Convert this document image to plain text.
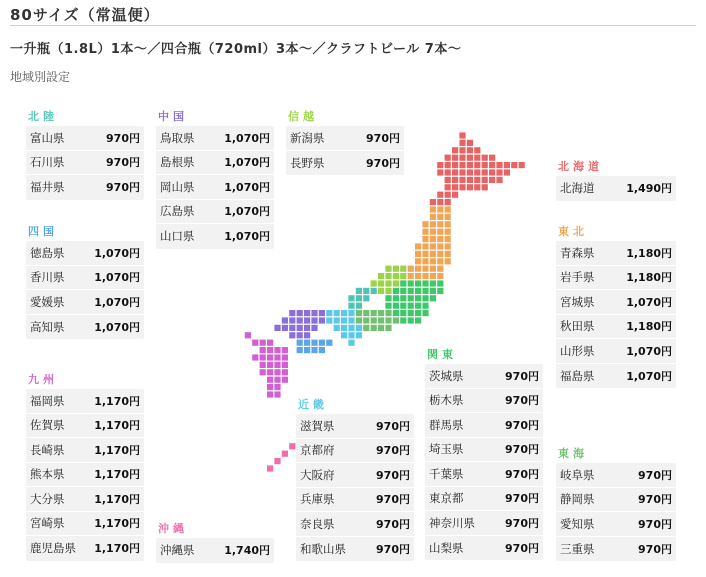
80サイズ（常温便）
一升瓶（1.8L）1本～／四合瓶（720ml）3本～／クラフトビール 7本～
地域別設定
北陸
富山県	970円
石川県	970円
福井県	970円
四国
徳島県	1,070円
香川県	1,070円
愛媛県	1,070円
高知県	1,070円
九州
福岡県	1,170円
佐賀県	1,170円
長崎県	1,170円
熊本県	1,170円
大分県	1,170円
宮崎県	1,170円
鹿児島県 1,170円
中国
鳥取県	1,070円
島根県	1,070円
岡山県	1,070円
広島県	1,070円
山口県	1,070円
沖縄
沖縄県	1,740円
信越
新潟県	970円
長野県	970円
近畿
滋賀県	970円
京都府	970円
大阪府	970円
兵庫県	970円
奈良県	970円
和歌山県	970円
関東
茨城県	970円
栃木県	970円
群馬県	970円
埼玉県	970円
千葉県	970円
東京都	970円
神奈川県	970円
山梨県	970円
北海道
北海道	1,490円
東北
青森県	1,180円
岩手県	1,180円
宮城県	1,070円
秋田県	1,180円
山形県	1,070円
福島県	1,070円
東海
岐阜県	970円
静岡県	970円
愛知県	970円
三重県	970円
